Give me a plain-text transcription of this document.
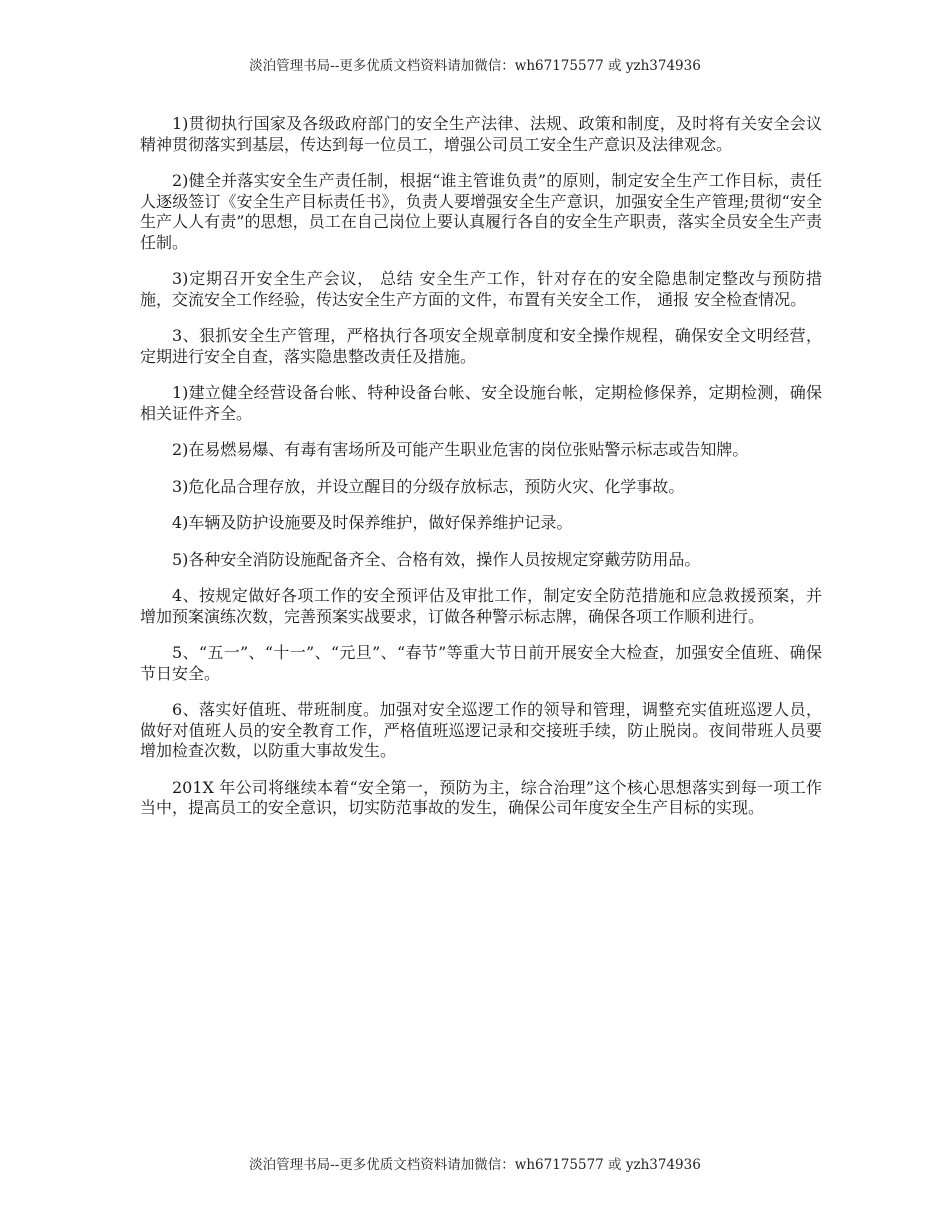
淡泊管理书局--更多优质文档资料请加微信：wh67175577 或 yzh374936

1)贯彻执行国家及各级政府部门的安全生产法律、法规、政策和制度，及时将有关安全会议精神贯彻落实到基层，传达到每一位员工，增强公司员工安全生产意识及法律观念。

2)健全并落实安全生产责任制，根据“谁主管谁负责”的原则，制定安全生产工作目标，责任人逐级签订《安全生产目标责任书》，负责人要增强安全生产意识，加强安全生产管理;贯彻“安全生产人人有责”的思想，员工在自己岗位上要认真履行各自的安全生产职责，落实全员安全生产责任制。

3)定期召开安全生产会议， 总结 安全生产工作，针对存在的安全隐患制定整改与预防措施，交流安全工作经验，传达安全生产方面的文件，布置有关安全工作， 通报 安全检查情况。

3、狠抓安全生产管理，严格执行各项安全规章制度和安全操作规程，确保安全文明经营，定期进行安全自查，落实隐患整改责任及措施。

1)建立健全经营设备台帐、特种设备台帐、安全设施台帐，定期检修保养，定期检测，确保相关证件齐全。

2)在易燃易爆、有毒有害场所及可能产生职业危害的岗位张贴警示标志或告知牌。

3)危化品合理存放，并设立醒目的分级存放标志，预防火灾、化学事故。

4)车辆及防护设施要及时保养维护，做好保养维护记录。

5)各种安全消防设施配备齐全、合格有效，操作人员按规定穿戴劳防用品。

4、按规定做好各项工作的安全预评估及审批工作，制定安全防范措施和应急救援预案，并增加预案演练次数，完善预案实战要求，订做各种警示标志牌，确保各项工作顺利进行。

5、“五一”、“十一”、“元旦”、“春节”等重大节日前开展安全大检查，加强安全值班、确保节日安全。

6、落实好值班、带班制度。加强对安全巡逻工作的领导和管理，调整充实值班巡逻人员，做好对值班人员的安全教育工作，严格值班巡逻记录和交接班手续，防止脱岗。夜间带班人员要增加检查次数，以防重大事故发生。

201X 年公司将继续本着“安全第一，预防为主，综合治理”这个核心思想落实到每一项工作当中，提高员工的安全意识，切实防范事故的发生，确保公司年度安全生产目标的实现。

淡泊管理书局--更多优质文档资料请加微信：wh67175577 或 yzh374936
